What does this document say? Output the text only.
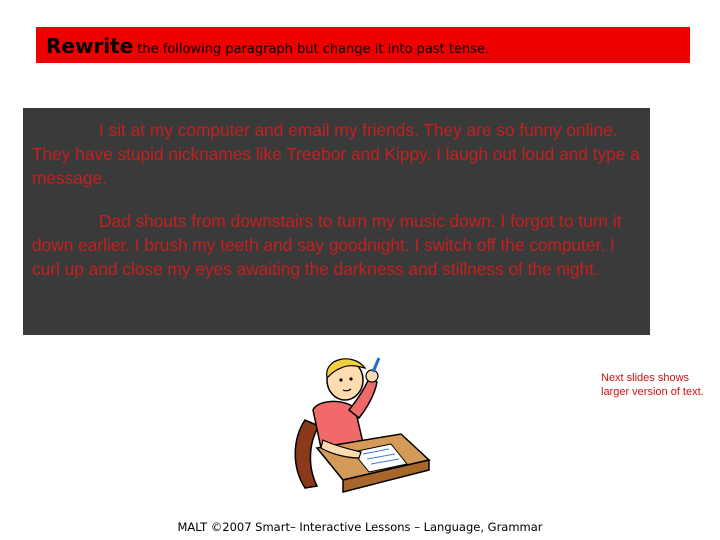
Rewrite the following paragraph but change it into past tense.

I sit at my computer and email my friends. They are so funny online. They have stupid nicknames like Treebor and Kippy. I laugh out loud and type a message.

Dad shouts from downstairs to turn my music down. I forgot to turn it down earlier. I brush my teeth and say goodnight. I switch off the computer. I curl up and close my eyes awaiting the darkness and stillness of the night.

Next slides shows larger version of text.
MALT ©2007 Smart– Interactive Lessons – Language, Grammar
